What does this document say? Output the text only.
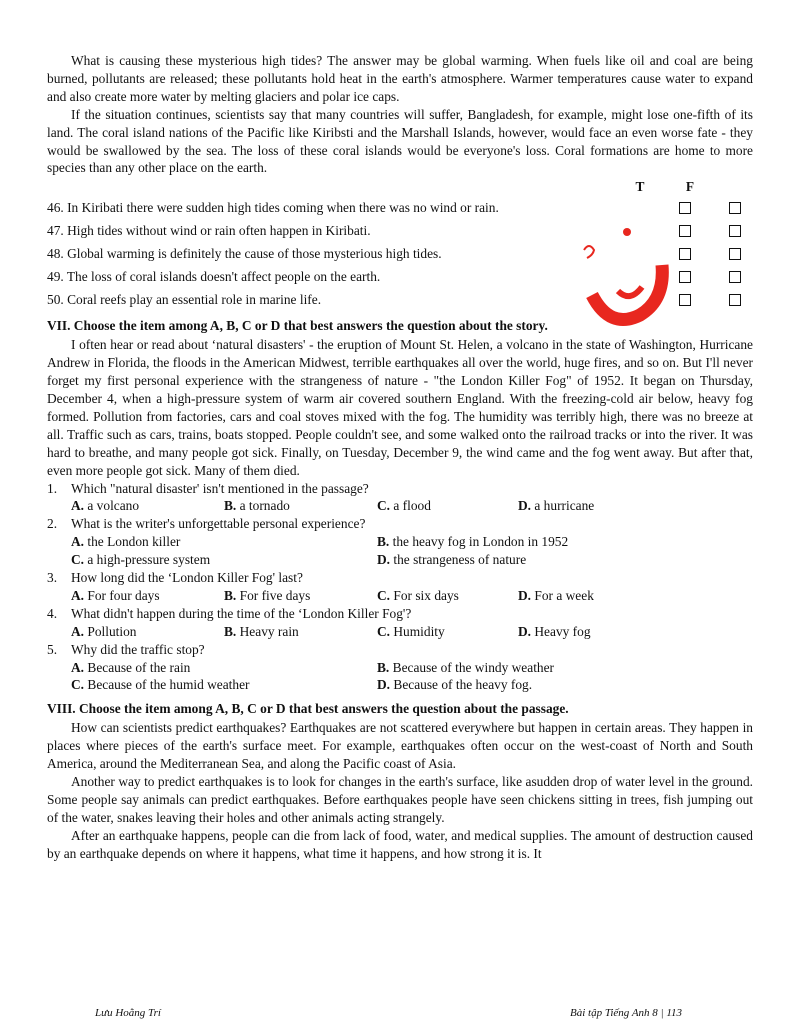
What is causing these mysterious high tides? The answer may be global warming. When fuels like oil and coal are being burned, pollutants are released; these pollutants hold heat in the earth's atmosphere. Warmer temperatures cause water to expand and also create more water by melting glaciers and polar ice caps.

If the situation continues, scientists say that many countries will suffer, Bangladesh, for example, might lose one-fifth of its land. The coral island nations of the Pacific like Kiribsti and the Marshall Islands, however, would face an even worse fate - they would be swallowed by the sea. The loss of these coral islands would be everyone's loss. Coral formations are home to more species than any other place on the earth.

T	F
46. In Kiribati there were sudden high tides coming when there was no wind or rain.
47. High tides without wind or rain often happen in Kiribati.
48. Global warming is definitely the cause of those mysterious high tides.
49. The loss of coral islands doesn't affect people on the earth.
50. Coral reefs play an essential role in marine life.
VII. Choose the item among A, B, C or D that best answers the question about the story.

I often hear or read about ‘natural disasters' - the eruption of Mount St. Helen, a volcano in the state of Washington, Hurricane Andrew in Florida, the floods in the American Midwest, terrible earthquakes all over the world, huge fires, and so on. But I'll never forget my first personal experience with the strangeness of nature - "the London Killer Fog" of 1952. It began on Thursday, December 4, when a high-pressure system of warm air covered southern England. With the freezing-cold air below, heavy fog formed. Pollution from factories, cars and coal stoves mixed with the fog. The humidity was terribly high, there was no breeze at all. Traffic such as cars, trains, boats stopped. People couldn't see, and some walked onto the railroad tracks or into the river. It was hard to breathe, and many people got sick. Finally, on Tuesday, December 9, the wind came and the fog went away. But after that, even more people got sick. Many of them died.

1.	Which "natural disaster' isn't mentioned in the passage?
A. a volcano	B. a tornado	C. a flood	D. a hurricane
2.	What is the writer's unforgettable personal experience?
A. the London killer	B. the heavy fog in London in 1952
C. a high-pressure system	D. the strangeness of nature
3.	How long did the ‘London Killer Fog' last?
A. For four days	B. For five days	C. For six days	D. For a week
4.	What didn't happen during the time of the ‘London Killer Fog'?
A. Pollution	B. Heavy rain	C. Humidity	D. Heavy fog
5.	Why did the traffic stop?
A. Because of the rain	B. Because of the windy weather
C. Because of the humid weather	D. Because of the heavy fog.
VIII. Choose the item among A, B, C or D that best answers the question about the passage.

How can scientists predict earthquakes? Earthquakes are not scattered everywhere but happen in certain areas. They happen in places where pieces of the earth's surface meet. For example, earthquakes often occur on the west-coast of North and South America, around the Mediterranean Sea, and along the Pacific coast of Asia.

Another way to predict earthquakes is to look for changes in the earth's surface, like asudden drop of water level in the ground. Some people say animals can predict earthquakes. Before earthquakes people have seen chickens sitting in trees, fish jumping out of the water, snakes leaving their holes and other animals acting strangely.

After an earthquake happens, people can die from lack of food, water, and medical supplies. The amount of destruction caused by an earthquake depends on where it happens, what time it happens, and how strong it is. It

Lưu Hoằng Trí	Bài tập Tiếng Anh 8 | 113
